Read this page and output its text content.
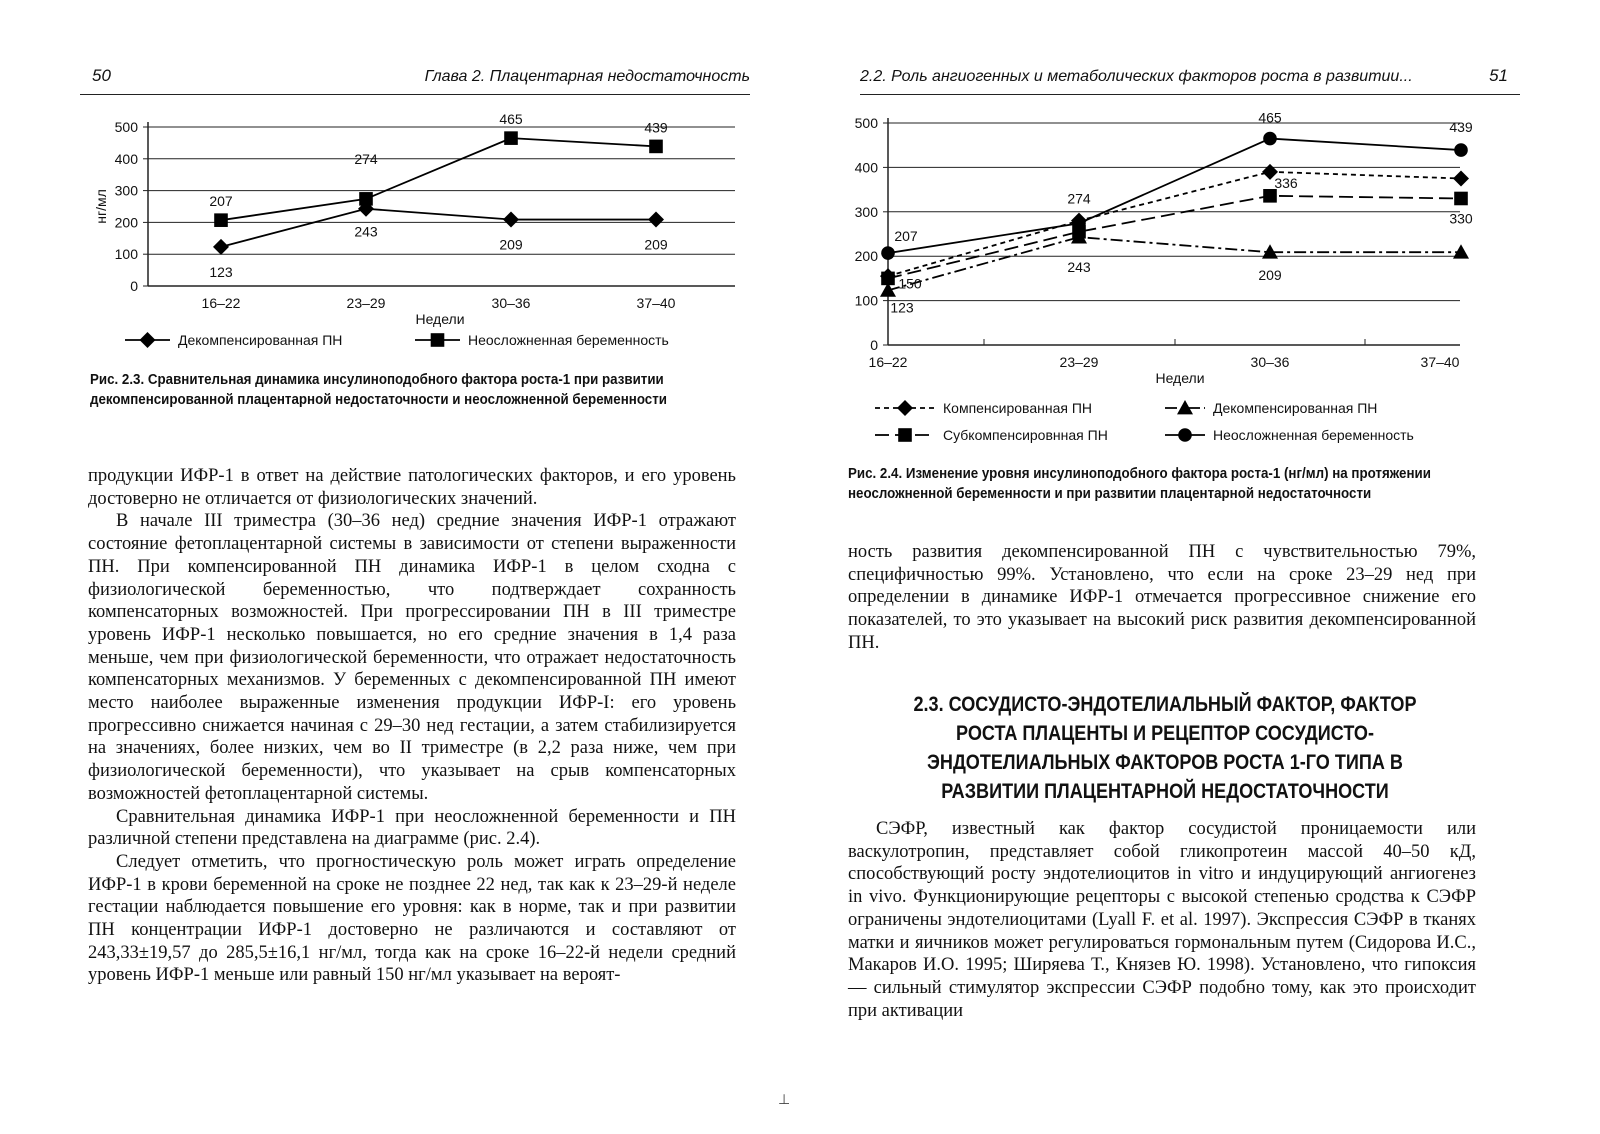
50	Глава 2. Плацентарная недостаточность
0
100
200
300
400
500
16–22	23–29	30–36	37–40
Недели
нг/мл
123
243
209	209
207
274
465
439
Декомпенсированная ПН	Неосложненная беременность
Рис. 2.3. Сравнительная динамика инсулиноподобного фактора роста-1 при развитии декомпенсированной плацентарной недостаточности и неосложненной беременности

продукции ИФР-1 в ответ на действие патологических факторов, и его уровень достоверно не отличается от физиологических значений.

В начале III триместра (30–36 нед) средние значения ИФР-1 отражают состояние фетоплацентарной системы в зависимости от степени выраженности ПН. При компенсированной ПН динамика ИФР-1 в целом сходна с физиологической беременностью, что подтверждает сохранность компенсаторных возможностей. При прогрессировании ПН в III триместре уровень ИФР-1 несколько повышается, но его средние значения в 1,4 раза меньше, чем при физиологической беременности, что отражает недостаточность компенсаторных механизмов. У беременных с декомпенсированной ПН имеют место наиболее выраженные изменения продукции ИФР-I: его уровень прогрессивно снижается начиная с 29–30 нед гестации, а затем стабилизируется на значениях, более низких, чем во II триместре (в 2,2 раза ниже, чем при физиологической беременности), что указывает на срыв компенсаторных возможностей фетоплацентарной системы.

Сравнительная динамика ИФР-1 при неосложненной беременности и ПН различной степени представлена на диаграмме (рис. 2.4).

Следует отметить, что прогностическую роль может играть определение ИФР-1 в крови беременной на сроке не позднее 22 нед, так как к 23–29-й неделе гестации наблюдается повышение его уровня: как в норме, так и при развитии ПН концентрации ИФР-1 достоверно не различаются и составляют от 243,33±19,57 до 285,5±16,1 нг/мл, тогда как на сроке 16–22-й недели средний уровень ИФР-1 меньше или равный 150 нг/мл указывает на вероят-

2.2. Роль ангиогенных и метаболических факторов роста в развитии...	51
0
100
200
300
400
500
16–22	23–29	30–36	37–40
Недели
123
243
209
150
336
330
207
274
465
439
Компенсированная ПН	Декомпенсированная ПН
Субкомпенсировнная ПН	Неосложненная беременность
Рис. 2.4. Изменение уровня инсулиноподобного фактора роста-1 (нг/мл) на протяжении неосложненной беременности и при развитии плацентарной недостаточности

ность развития декомпенсированной ПН с чувствительностью 79%, специфичностью 99%. Установлено, что если на сроке 23–29 нед при определении в динамике ИФР-1 отмечается прогрессивное снижение его показателей, то это указывает на высокий риск развития декомпенсированной ПН.

2.3. СОСУДИСТО-ЭНДОТЕЛИАЛЬНЫЙ ФАКТОР, ФАКТОР РОСТА ПЛАЦЕНТЫ И РЕЦЕПТОР СОСУДИСТО-ЭНДОТЕЛИАЛЬНЫХ ФАКТОРОВ РОСТА 1-ГО ТИПА В РАЗВИТИИ ПЛАЦЕНТАРНОЙ НЕДОСТАТОЧНОСТИ

СЭФР, известный как фактор сосудистой проницаемости или васкулотропин, представляет собой гликопротеин массой 40–50 кД, способствующий росту эндотелиоцитов in vitro и индуцирующий ангиогенез in vivo. Функционирующие рецепторы с высокой степенью сродства к СЭФР ограничены эндотелиоцитами (Lyall F. et al. 1997). Экспрессия СЭФР в тканях матки и яичников может регулироваться гормональным путем (Сидорова И.С., Макаров И.О. 1995; Ширяева Т., Князев Ю. 1998). Установлено, что гипоксия — сильный стимулятор экспрессии СЭФР подобно тому, как это происходит при активации

⊥
